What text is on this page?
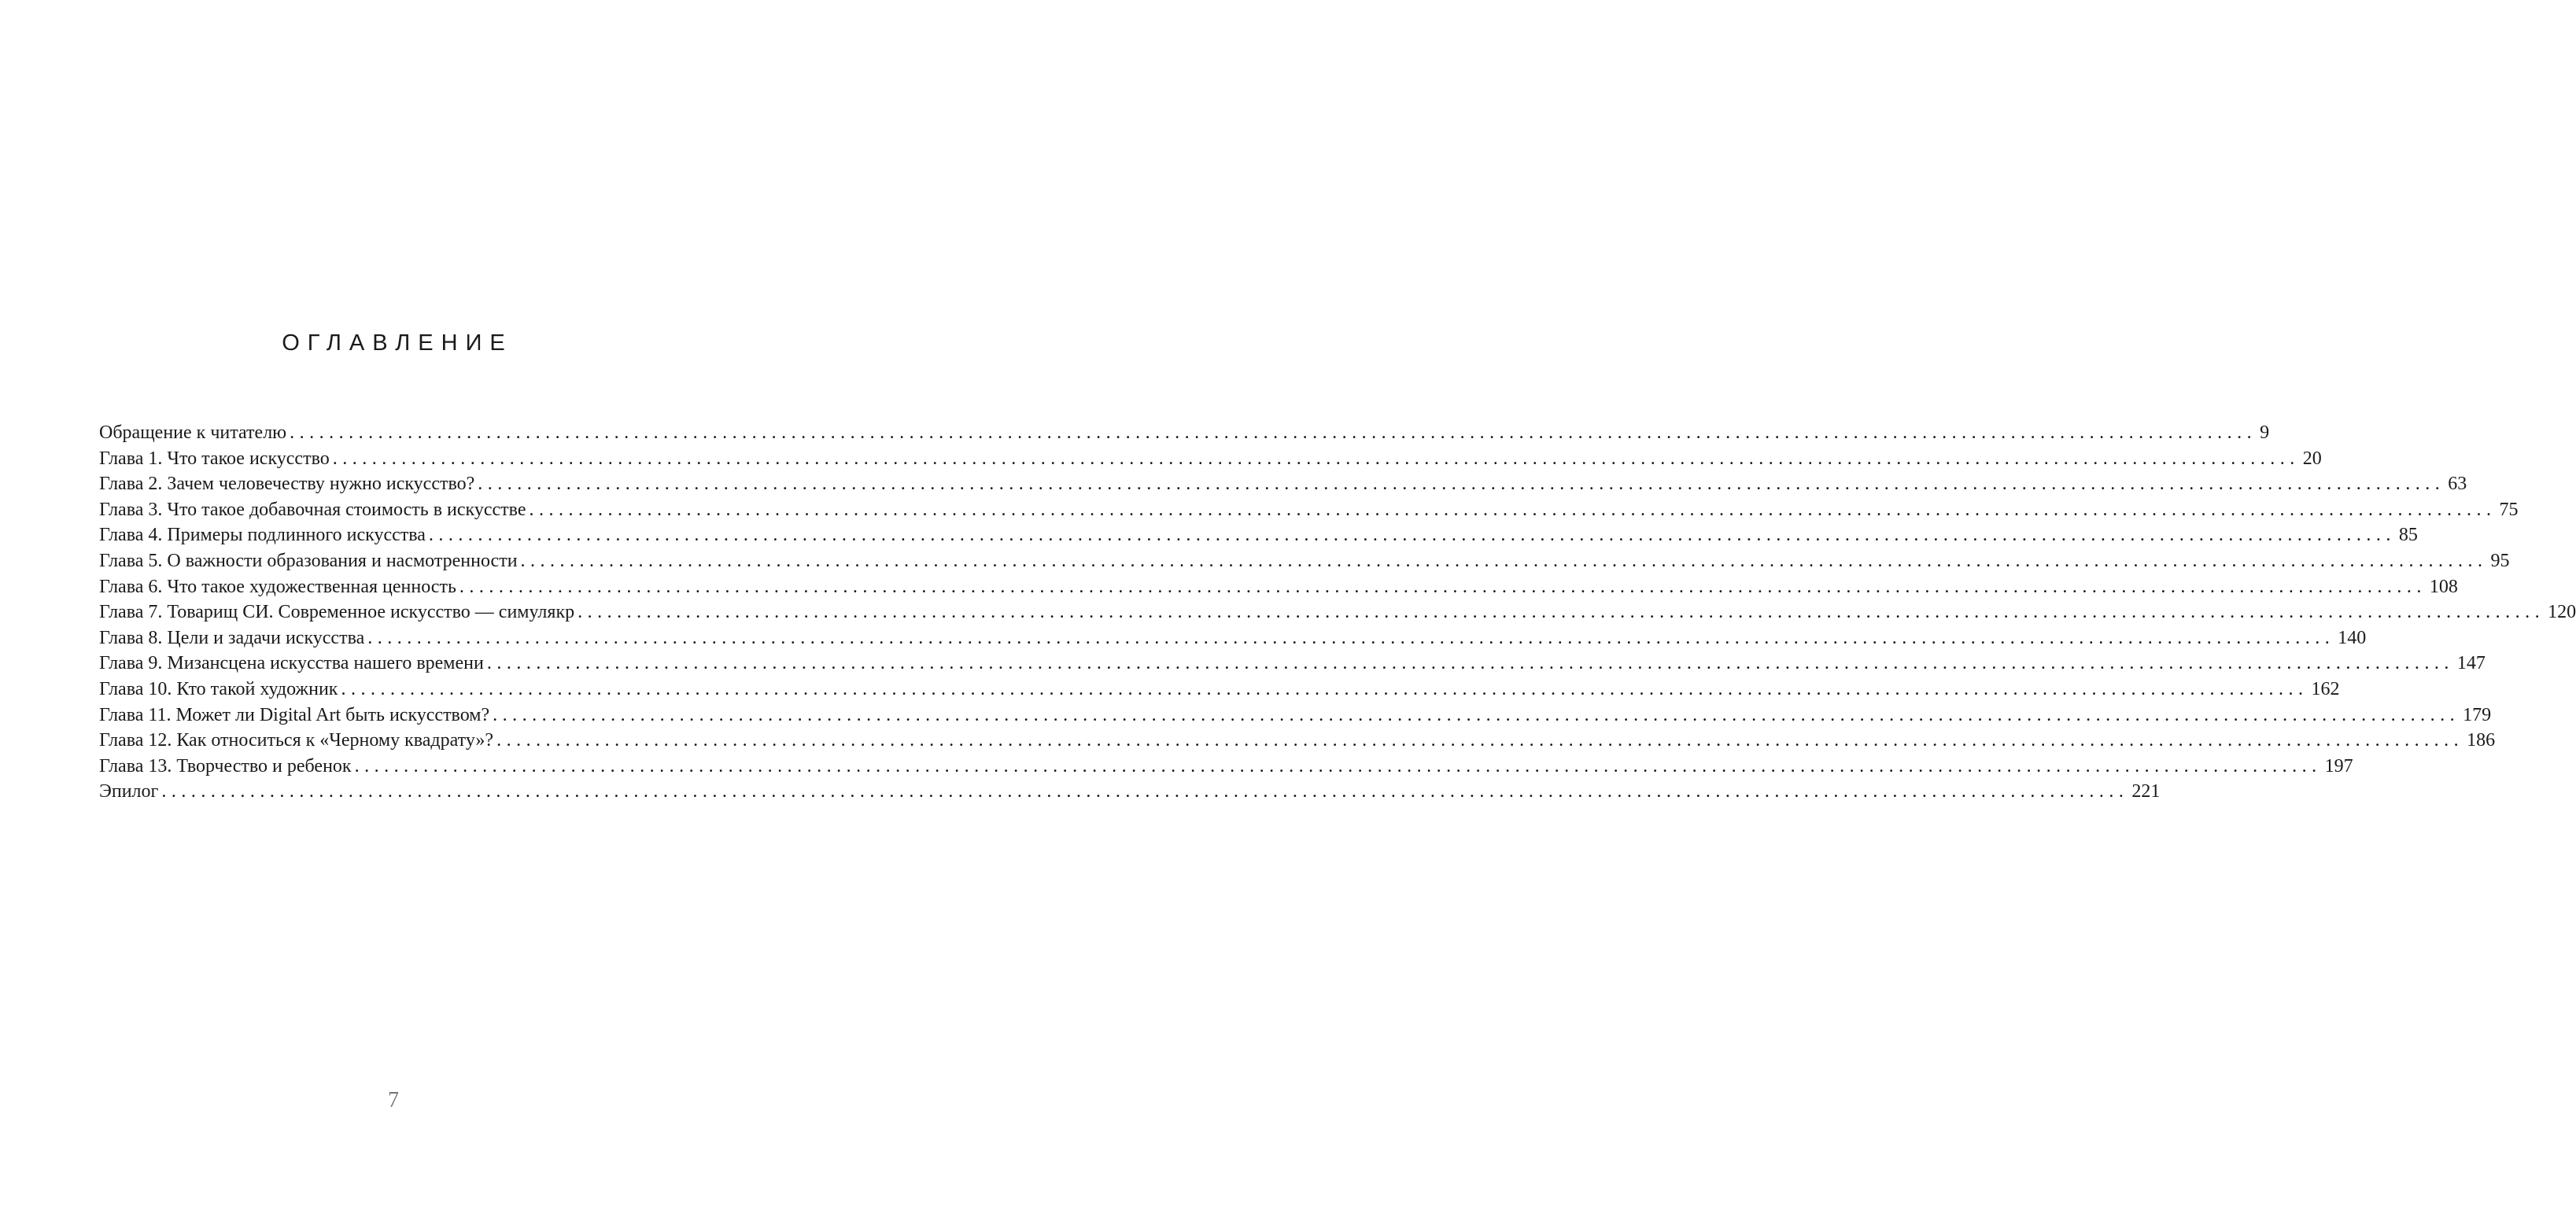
ОГЛАВЛЕНИЕ
Обращение к читателю ........................................................................................................................................................................................................ 9
Глава 1. Что такое искусство ........................................................................................................................................................................................................ 20
Глава 2. Зачем человечеству нужно искусство? ........................................................................................................................................................................................................ 63
Глава 3. Что такое добавочная стоимость в искусстве ........................................................................................................................................................................................................ 75
Глава 4. Примеры подлинного искусства ........................................................................................................................................................................................................ 85
Глава 5. О важности образования и насмотренности ........................................................................................................................................................................................................ 95
Глава 6. Что такое художественная ценность ........................................................................................................................................................................................................ 108
Глава 7. Товарищ СИ. Современное искусство — симулякр ........................................................................................................................................................................................................ 120
Глава 8. Цели и задачи искусства ........................................................................................................................................................................................................ 140
Глава 9. Мизансцена искусства нашего времени ........................................................................................................................................................................................................ 147
Глава 10. Кто такой художник ........................................................................................................................................................................................................ 162
Глава 11. Может ли Digital Art быть искусством? ........................................................................................................................................................................................................ 179
Глава 12. Как относиться к «Черному квадрату»? ........................................................................................................................................................................................................ 186
Глава 13. Творчество и ребенок ........................................................................................................................................................................................................ 197
Эпилог ........................................................................................................................................................................................................ 221
7
